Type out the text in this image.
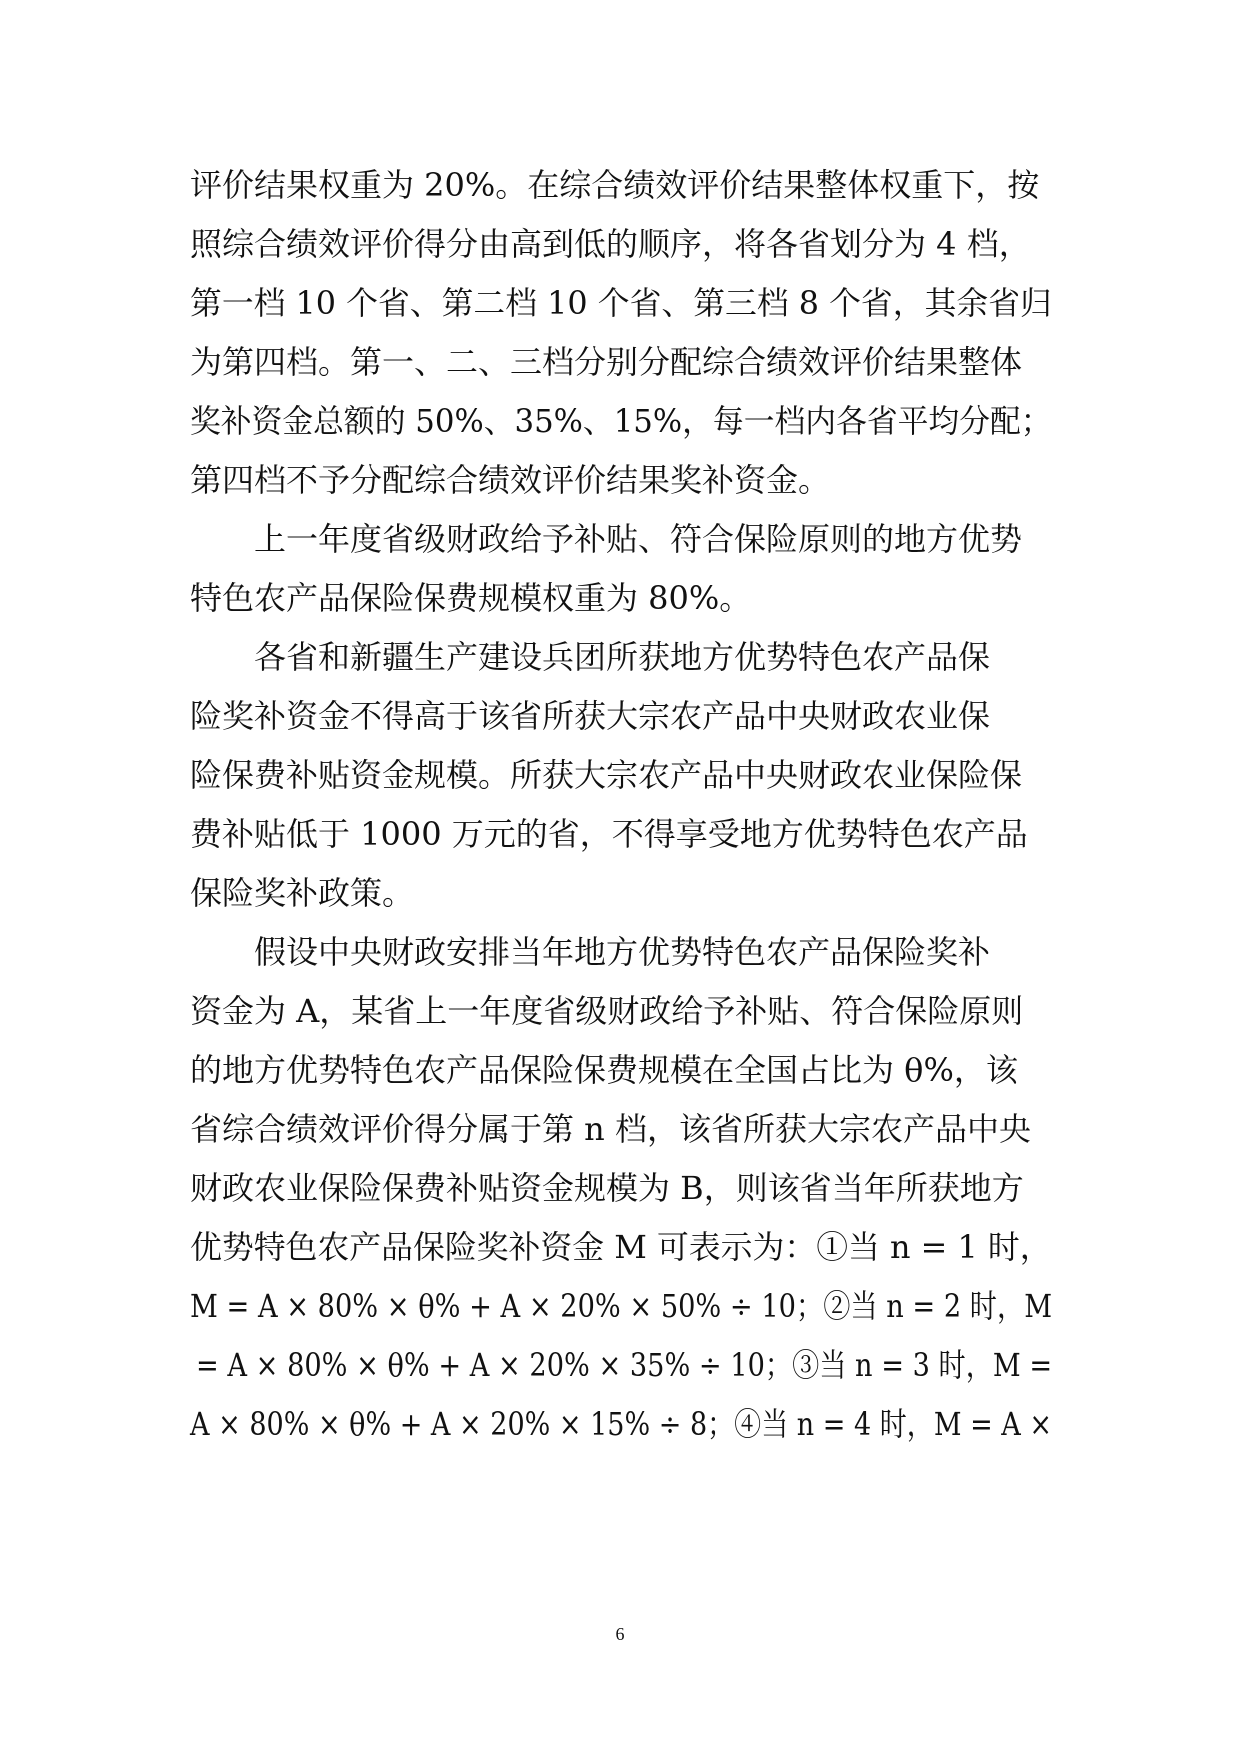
评价结果权重为 20%。在综合绩效评价结果整体权重下，按
照综合绩效评价得分由高到低的顺序，将各省划分为 4 档，
第一档 10 个省、第二档 10 个省、第三档 8 个省，其余省归
为第四档。第一、二、三档分别分配综合绩效评价结果整体
奖补资金总额的 50%、35%、15%，每一档内各省平均分配；
第四档不予分配综合绩效评价结果奖补资金。
上一年度省级财政给予补贴、符合保险原则的地方优势
特色农产品保险保费规模权重为 80%。
各省和新疆生产建设兵团所获地方优势特色农产品保
险奖补资金不得高于该省所获大宗农产品中央财政农业保
险保费补贴资金规模。所获大宗农产品中央财政农业保险保
费补贴低于 1000 万元的省，不得享受地方优势特色农产品
保险奖补政策。
假设中央财政安排当年地方优势特色农产品保险奖补
资金为 A，某省上一年度省级财政给予补贴、符合保险原则
的地方优势特色农产品保险保费规模在全国占比为 θ%，该
省综合绩效评价得分属于第 n 档，该省所获大宗农产品中央
财政农业保险保费补贴资金规模为 B，则该省当年所获地方
优势特色农产品保险奖补资金 M 可表示为：①当 n = 1 时，
M = A × 80% × θ% + A × 20% × 50% ÷ 10；②当 n = 2 时，M
= A × 80% × θ% + A × 20% × 35% ÷ 10；③当 n = 3 时，M =
A × 80% × θ% + A × 20% × 15% ÷ 8；④当 n = 4 时，M = A ×
6
